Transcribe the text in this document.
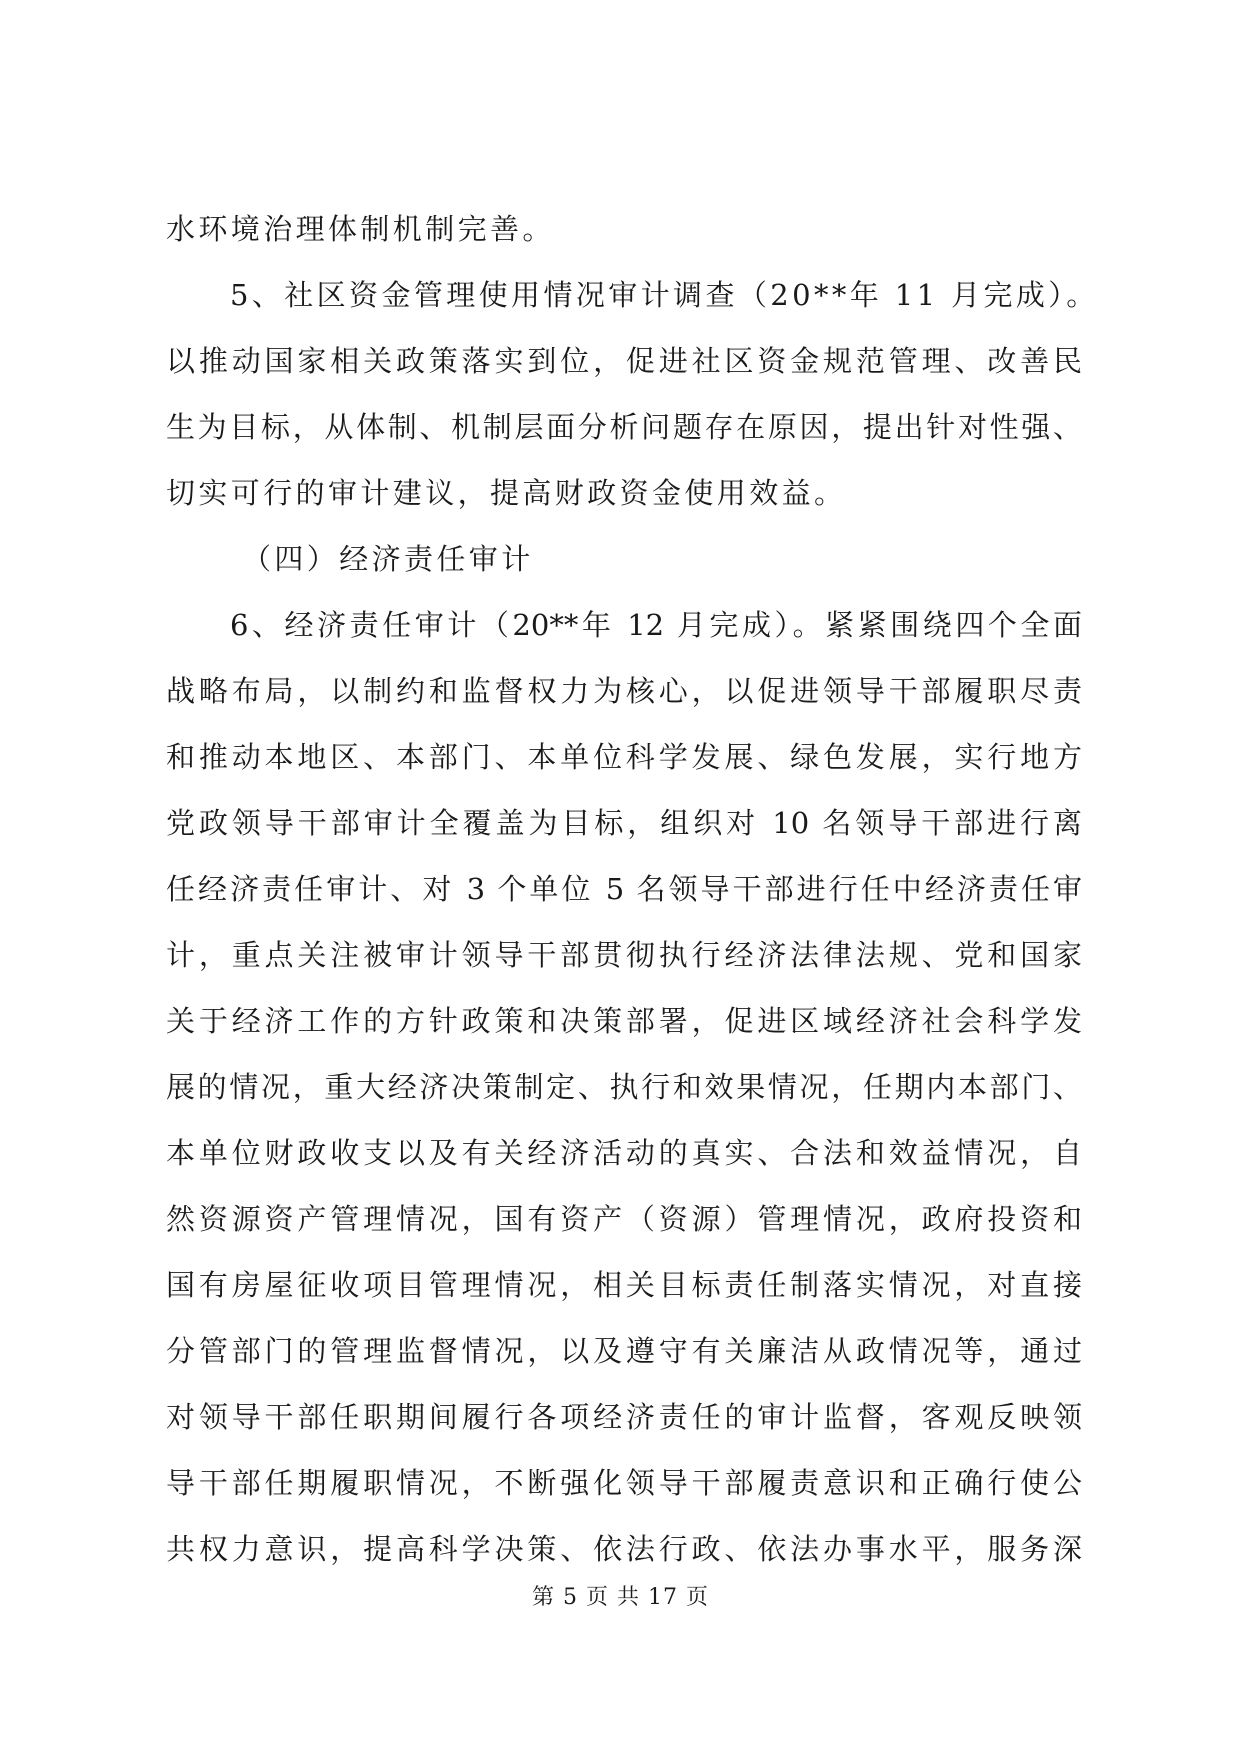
水环境治理体制机制完善。
5、社区资金管理使用情况审计调查（20**年 11 月完成）。
以推动国家相关政策落实到位，促进社区资金规范管理、改善民
生为目标，从体制、机制层面分析问题存在原因，提出针对性强、
切实可行的审计建议，提高财政资金使用效益。
（四）经济责任审计
6、经济责任审计（20**年 12 月完成）。紧紧围绕四个全面
战略布局，以制约和监督权力为核心，以促进领导干部履职尽责
和推动本地区、本部门、本单位科学发展、绿色发展，实行地方
党政领导干部审计全覆盖为目标，组织对 10 名领导干部进行离
任经济责任审计、对 3 个单位 5 名领导干部进行任中经济责任审
计，重点关注被审计领导干部贯彻执行经济法律法规、党和国家
关于经济工作的方针政策和决策部署，促进区域经济社会科学发
展的情况，重大经济决策制定、执行和效果情况，任期内本部门、
本单位财政收支以及有关经济活动的真实、合法和效益情况，自
然资源资产管理情况，国有资产（资源）管理情况，政府投资和
国有房屋征收项目管理情况，相关目标责任制落实情况，对直接
分管部门的管理监督情况，以及遵守有关廉洁从政情况等，通过
对领导干部任职期间履行各项经济责任的审计监督，客观反映领
导干部任期履职情况，不断强化领导干部履责意识和正确行使公
共权力意识，提高科学决策、依法行政、依法办事水平，服务深
第 5 页 共 17 页
